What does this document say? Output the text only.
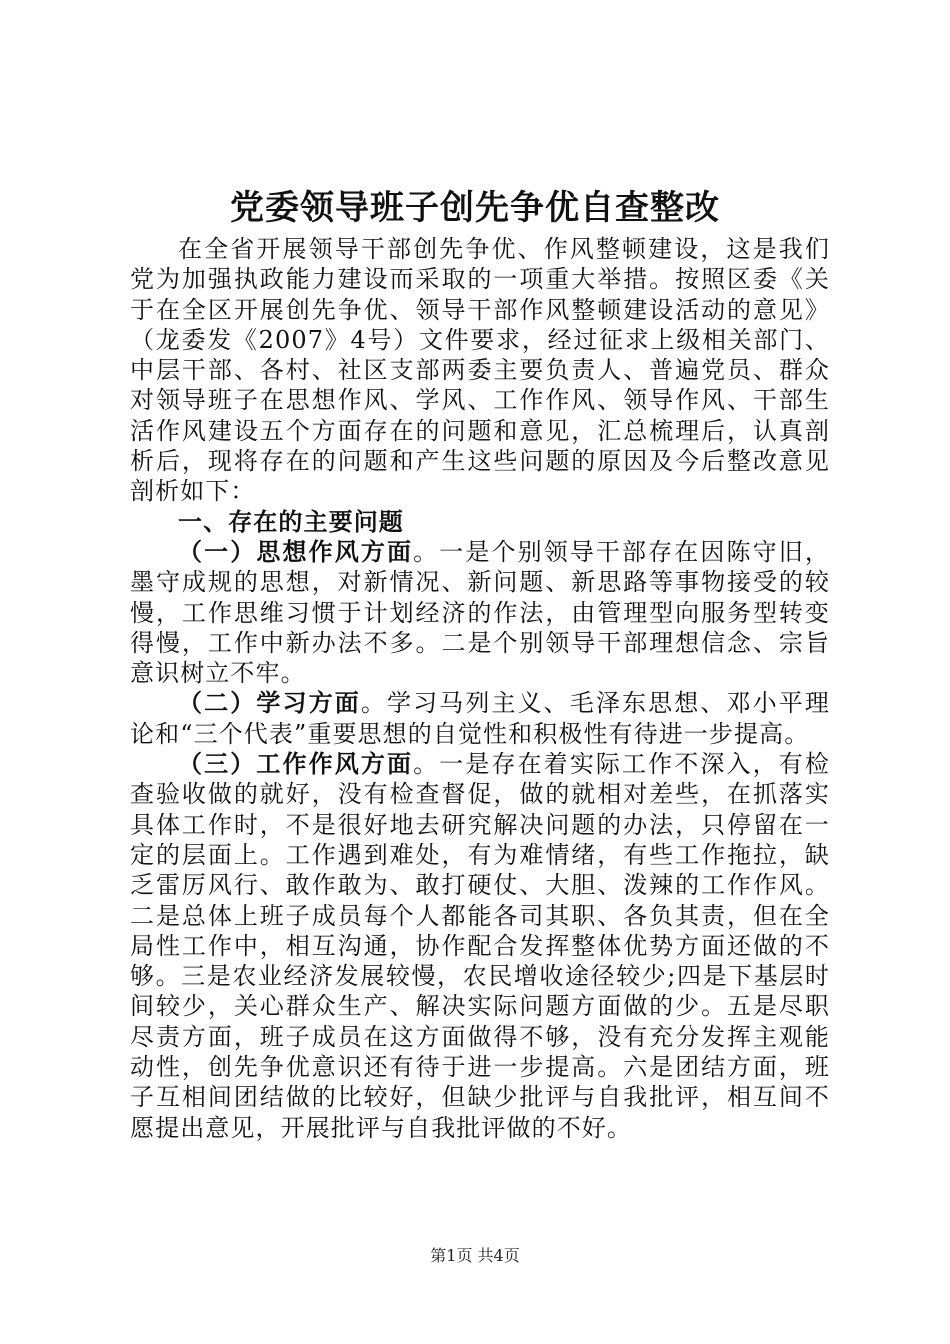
党委领导班子创先争优自查整改

在全省开展领导干部创先争优、作风整顿建设，这是我们党为加强执政能力建设而采取的一项重大举措。按照区委《关于在全区开展创先争优、领导干部作风整顿建设活动的意见》（龙委发《2007》4号）文件要求，经过征求上级相关部门、中层干部、各村、社区支部两委主要负责人、普遍党员、群众对领导班子在思想作风、学风、工作作风、领导作风、干部生活作风建设五个方面存在的问题和意见，汇总梳理后，认真剖析后，现将存在的问题和产生这些问题的原因及今后整改意见剖析如下：

一、存在的主要问题

（一）思想作风方面。一是个别领导干部存在因陈守旧，墨守成规的思想，对新情况、新问题、新思路等事物接受的较慢，工作思维习惯于计划经济的作法，由管理型向服务型转变得慢，工作中新办法不多。二是个别领导干部理想信念、宗旨意识树立不牢。

（二）学习方面。学习马列主义、毛泽东思想、邓小平理论和“三个代表”重要思想的自觉性和积极性有待进一步提高。

（三）工作作风方面。一是存在着实际工作不深入，有检查验收做的就好，没有检查督促，做的就相对差些，在抓落实具体工作时，不是很好地去研究解决问题的办法，只停留在一定的层面上。工作遇到难处，有为难情绪，有些工作拖拉，缺乏雷厉风行、敢作敢为、敢打硬仗、大胆、泼辣的工作作风。二是总体上班子成员每个人都能各司其职、各负其责，但在全局性工作中，相互沟通，协作配合发挥整体优势方面还做的不够。三是农业经济发展较慢，农民增收途径较少;四是下基层时间较少，关心群众生产、解决实际问题方面做的少。五是尽职尽责方面，班子成员在这方面做得不够，没有充分发挥主观能动性，创先争优意识还有待于进一步提高。六是团结方面，班子互相间团结做的比较好，但缺少批评与自我批评，相互间不愿提出意见，开展批评与自我批评做的不好。

第1页 共4页
